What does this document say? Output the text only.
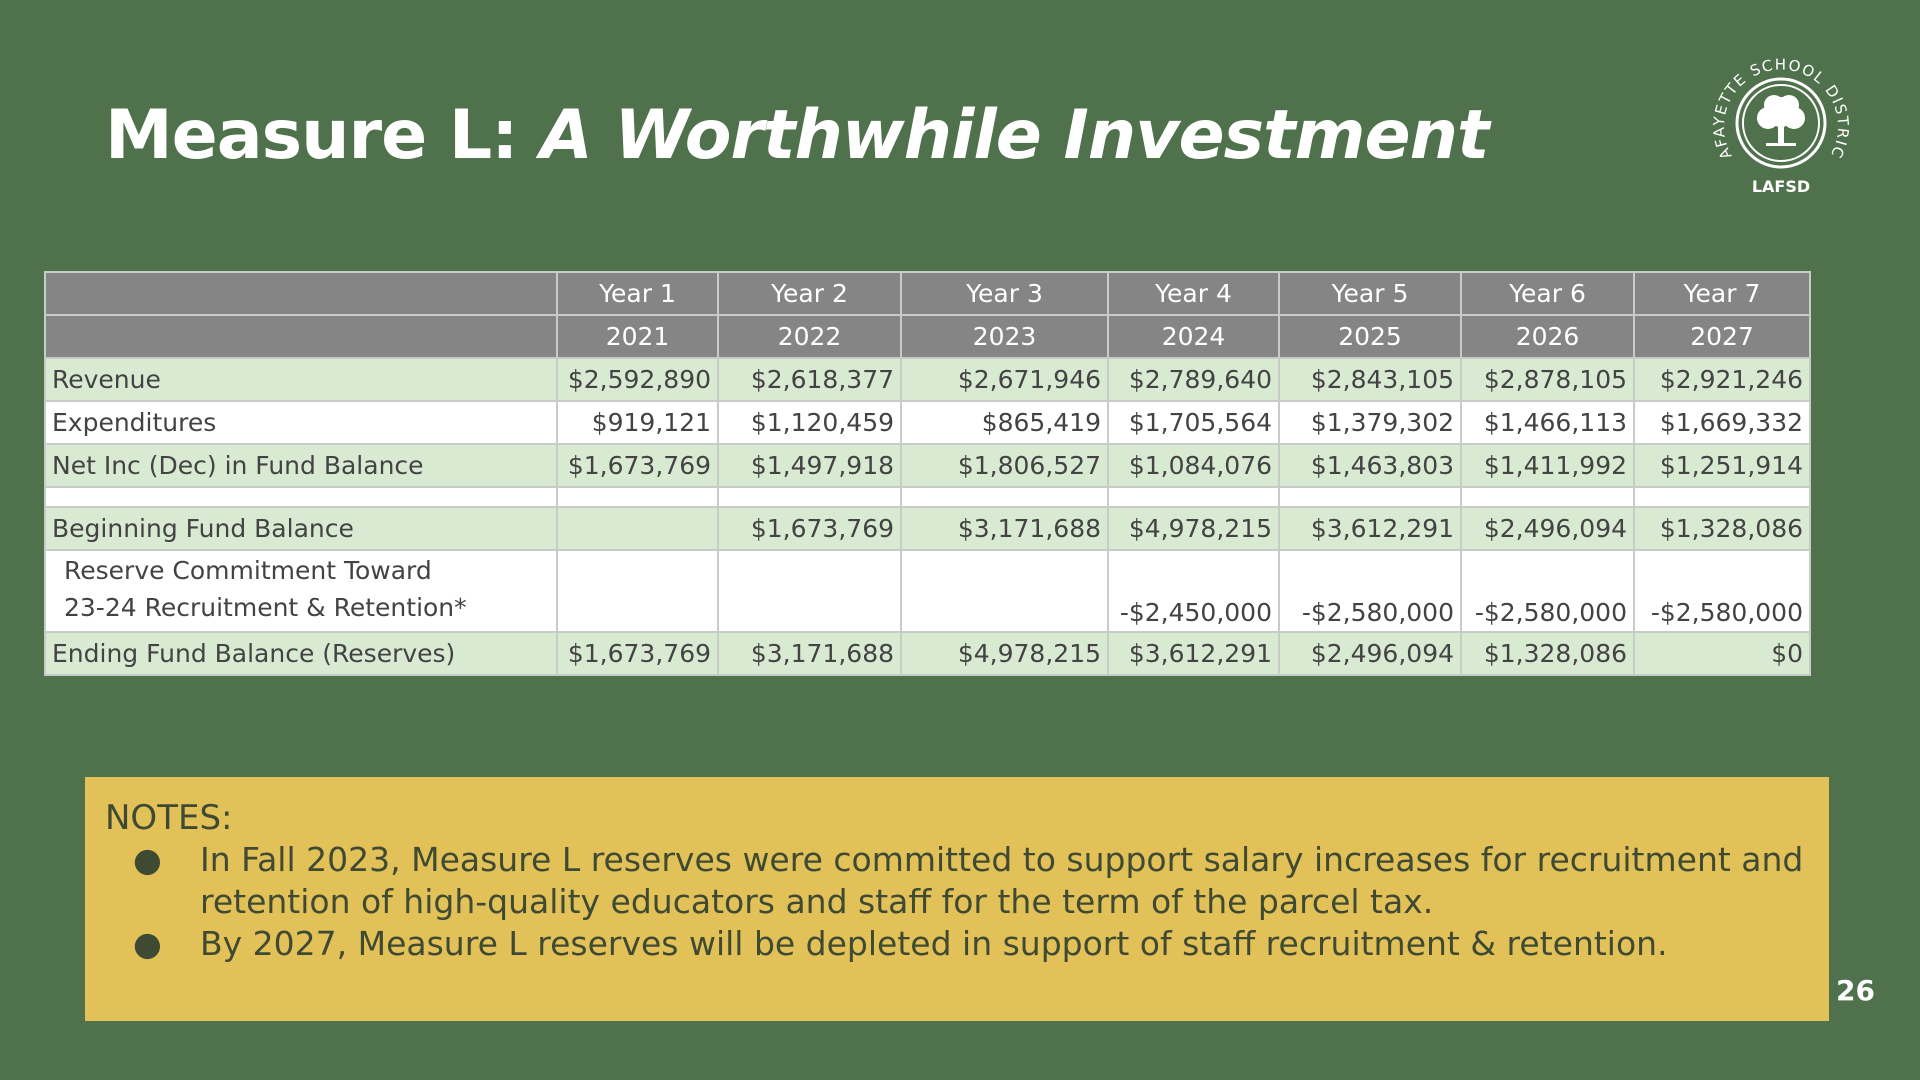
Measure L: A Worthwhile Investment	AFAYETTE SCHOOL DISTRIC
LAFSD
	Year 1	Year 2	Year 3	Year 4	Year 5	Year 6	Year 7
	2021	2022	2023	2024	2025	2026	2027
Revenue	$2,592,890	$2,618,377	$2,671,946	$2,789,640	$2,843,105	$2,878,105	$2,921,246
Expenditures	$919,121	$1,120,459	$865,419	$1,705,564	$1,379,302	$1,466,113	$1,669,332
Net Inc (Dec) in Fund Balance	$1,673,769	$1,497,918	$1,806,527	$1,084,076	$1,463,803	$1,411,992	$1,251,914

Beginning Fund Balance		$1,673,769	$3,171,688	$4,978,215	$3,612,291	$2,496,094	$1,328,086
Reserve Commitment Toward
23-24 Recruitment & Retention*				-$2,450,000	-$2,580,000	-$2,580,000	-$2,580,000
Ending Fund Balance (Reserves)	$1,673,769	$3,171,688	$4,978,215	$3,612,291	$2,496,094	$1,328,086	$0
NOTES:
● In Fall 2023, Measure L reserves were committed to support salary increases for recruitment and retention of high-quality educators and staff for the term of the parcel tax.
● By 2027, Measure L reserves will be depleted in support of staff recruitment & retention.
26
